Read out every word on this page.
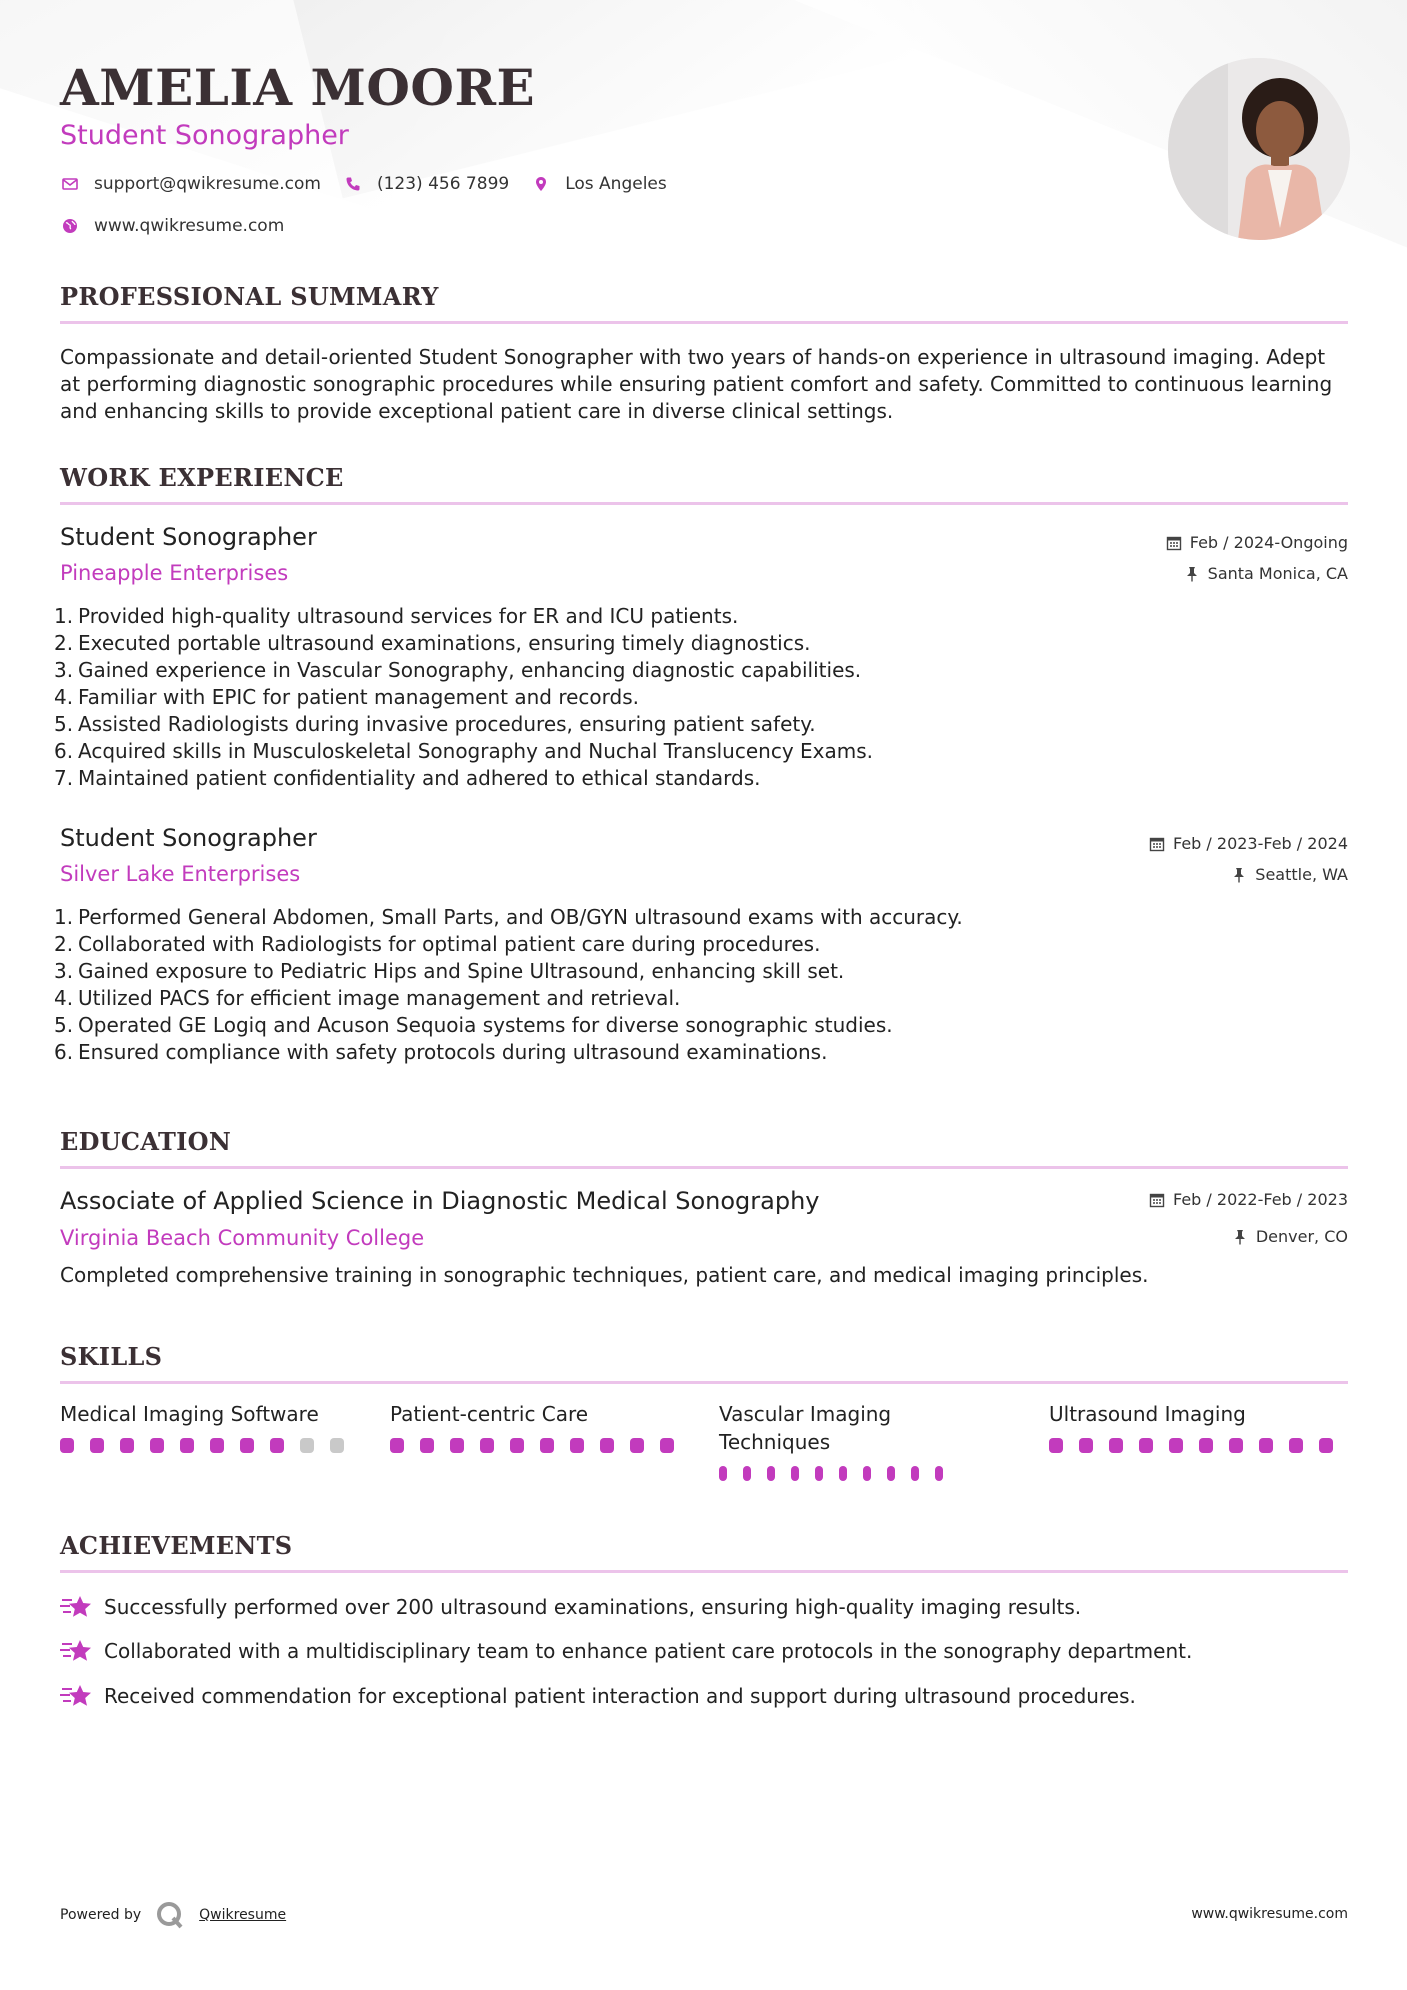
AMELIA MOORE
Student Sonographer
support@qwikresume.com	(123) 456 7899	Los Angeles
www.qwikresume.com
PROFESSIONAL SUMMARY
Compassionate and detail-oriented Student Sonographer with two years of hands-on experience in ultrasound imaging. Adept at performing diagnostic sonographic procedures while ensuring patient comfort and safety. Committed to continuous learning and enhancing skills to provide exceptional patient care in diverse clinical settings.
WORK EXPERIENCE
Student Sonographer
Pineapple Enterprises
Feb / 2024-Ongoing
Santa Monica, CA
1. Provided high-quality ultrasound services for ER and ICU patients.
2. Executed portable ultrasound examinations, ensuring timely diagnostics.
3. Gained experience in Vascular Sonography, enhancing diagnostic capabilities.
4. Familiar with EPIC for patient management and records.
5. Assisted Radiologists during invasive procedures, ensuring patient safety.
6. Acquired skills in Musculoskeletal Sonography and Nuchal Translucency Exams.
7. Maintained patient confidentiality and adhered to ethical standards.
Student Sonographer
Silver Lake Enterprises
Feb / 2023-Feb / 2024
Seattle, WA
1. Performed General Abdomen, Small Parts, and OB/GYN ultrasound exams with accuracy.
2. Collaborated with Radiologists for optimal patient care during procedures.
3. Gained exposure to Pediatric Hips and Spine Ultrasound, enhancing skill set.
4. Utilized PACS for efficient image management and retrieval.
5. Operated GE Logiq and Acuson Sequoia systems for diverse sonographic studies.
6. Ensured compliance with safety protocols during ultrasound examinations.
EDUCATION
Associate of Applied Science in Diagnostic Medical Sonography
Virginia Beach Community College
Feb / 2022-Feb / 2023
Denver, CO
Completed comprehensive training in sonographic techniques, patient care, and medical imaging principles.
SKILLS
Medical Imaging Software	Patient-centric Care	Vascular Imaging Techniques
Ultrasound Imaging
ACHIEVEMENTS
Successfully performed over 200 ultrasound examinations, ensuring high-quality imaging results.
Collaborated with a multidisciplinary team to enhance patient care protocols in the sonography department.
Received commendation for exceptional patient interaction and support during ultrasound procedures.
Powered by	Qwikresume	www.qwikresume.com
